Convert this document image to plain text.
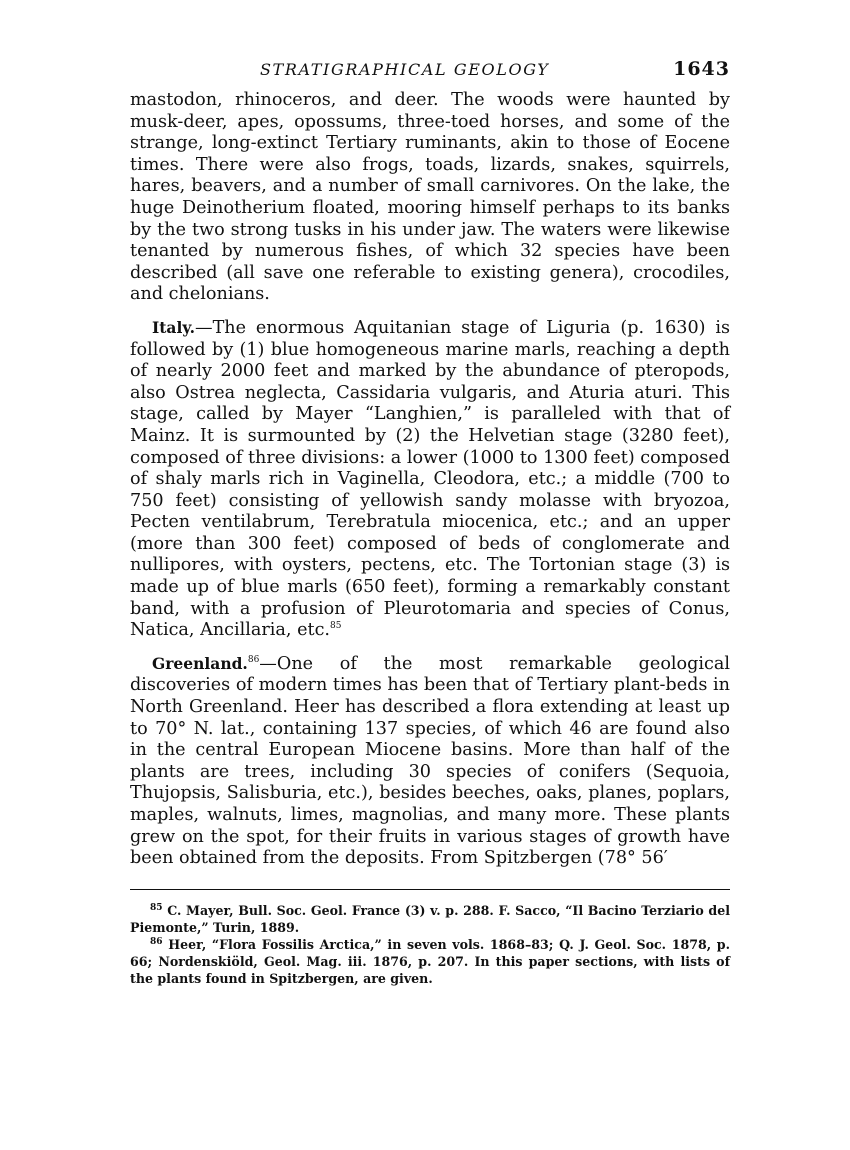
STRATIGRAPHICAL GEOLOGY	1643

mastodon, rhinoceros, and deer. The woods were haunted by musk-deer, apes, opossums, three-toed horses, and some of the strange, long-extinct Tertiary ruminants, akin to those of Eocene times. There were also frogs, toads, lizards, snakes, squirrels, hares, beavers, and a number of small carnivores. On the lake, the huge Deinotherium floated, mooring himself perhaps to its banks by the two strong tusks in his under jaw. The waters were likewise tenanted by numerous fishes, of which 32 species have been described (all save one referable to existing genera), crocodiles, and chelonians.

Italy.—The enormous Aquitanian stage of Liguria (p. 1630) is followed by (1) blue homogeneous marine marls, reaching a depth of nearly 2000 feet and marked by the abundance of pteropods, also Ostrea neglecta, Cassidaria vulgaris, and Aturia aturi. This stage, called by Mayer “Langhien,” is paralleled with that of Mainz. It is surmounted by (2) the Helvetian stage (3280 feet), composed of three divisions: a lower (1000 to 1300 feet) composed of shaly marls rich in Vaginella, Cleodora, etc.; a middle (700 to 750 feet) consisting of yellowish sandy molasse with bryozoa, Pecten ventilabrum, Terebratula miocenica, etc.; and an upper (more than 300 feet) composed of beds of conglomerate and nullipores, with oysters, pectens, etc. The Tortonian stage (3) is made up of blue marls (650 feet), forming a remarkably constant band, with a profusion of Pleurotomaria and species of Conus, Natica, Ancillaria, etc.$^{85}$

Greenland.$^{86}$—One of the most remarkable geological discoveries of modern times has been that of Tertiary plant-beds in North Greenland. Heer has described a flora extending at least up to 70° N. lat., containing 137 species, of which 46 are found also in the central European Miocene basins. More than half of the plants are trees, including 30 species of conifers (Sequoia, Thujopsis, Salisburia, etc.), besides beeches, oaks, planes, poplars, maples, walnuts, limes, magnolias, and many more. These plants grew on the spot, for their fruits in various stages of growth have been obtained from the deposits. From Spitzbergen (78° 56′

$^{85}$ C. Mayer, Bull. Soc. Geol. France (3) v. p. 288. F. Sacco, “Il Bacino Terziario del Piemonte,” Turin, 1889.

$^{86}$ Heer, “Flora Fossilis Arctica,” in seven vols. 1868–83; Q. J. Geol. Soc. 1878, p. 66; Nordenskiöld, Geol. Mag. iii. 1876, p. 207. In this paper sections, with lists of the plants found in Spitzbergen, are given.
